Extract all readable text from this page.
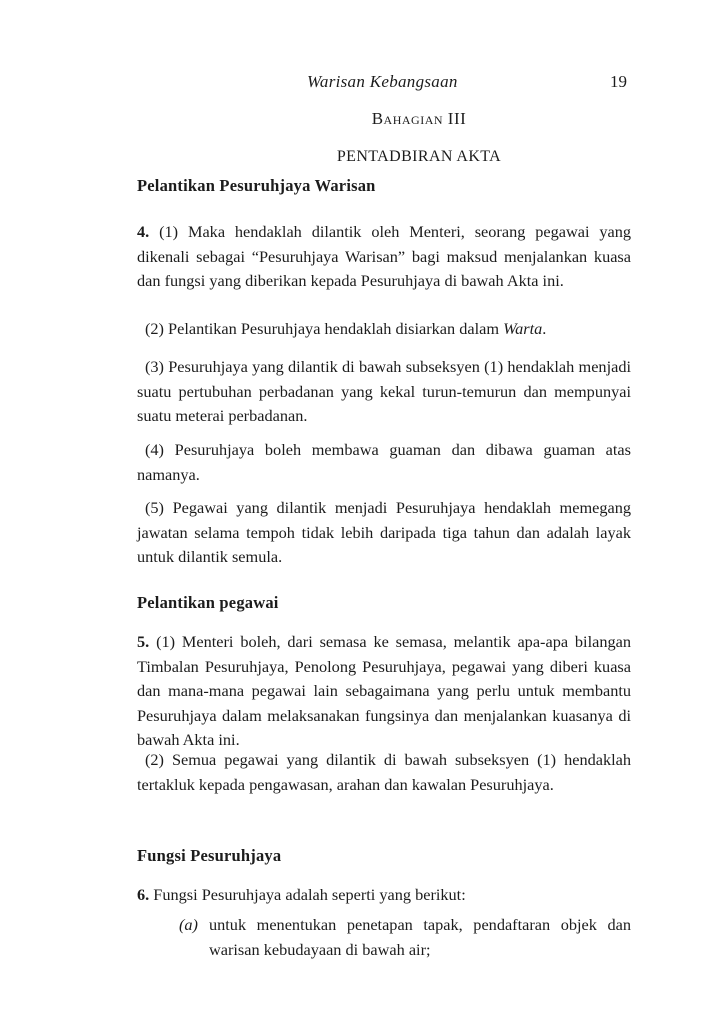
Warisan Kebangsaan	19
Bahagian III
PENTADBIRAN AKTA
Pelantikan Pesuruhjaya Warisan
4. (1) Maka hendaklah dilantik oleh Menteri, seorang pegawai yang dikenali sebagai “Pesuruhjaya Warisan” bagi maksud menjalankan kuasa dan fungsi yang diberikan kepada Pesuruhjaya di bawah Akta ini.
(2) Pelantikan Pesuruhjaya hendaklah disiarkan dalam Warta.
(3) Pesuruhjaya yang dilantik di bawah subseksyen (1) hendaklah menjadi suatu pertubuhan perbadanan yang kekal turun-temurun dan mempunyai suatu meterai perbadanan.
(4) Pesuruhjaya boleh membawa guaman dan dibawa guaman atas namanya.
(5) Pegawai yang dilantik menjadi Pesuruhjaya hendaklah memegang jawatan selama tempoh tidak lebih daripada tiga tahun dan adalah layak untuk dilantik semula.
Pelantikan pegawai
5. (1) Menteri boleh, dari semasa ke semasa, melantik apa-apa bilangan Timbalan Pesuruhjaya, Penolong Pesuruhjaya, pegawai yang diberi kuasa dan mana-mana pegawai lain sebagaimana yang perlu untuk membantu Pesuruhjaya dalam melaksanakan fungsinya dan menjalankan kuasanya di bawah Akta ini.
(2) Semua pegawai yang dilantik di bawah subseksyen (1) hendaklah tertakluk kepada pengawasan, arahan dan kawalan Pesuruhjaya.
Fungsi Pesuruhjaya
6. Fungsi Pesuruhjaya adalah seperti yang berikut:
(a) untuk menentukan penetapan tapak, pendaftaran objek dan warisan kebudayaan di bawah air;
